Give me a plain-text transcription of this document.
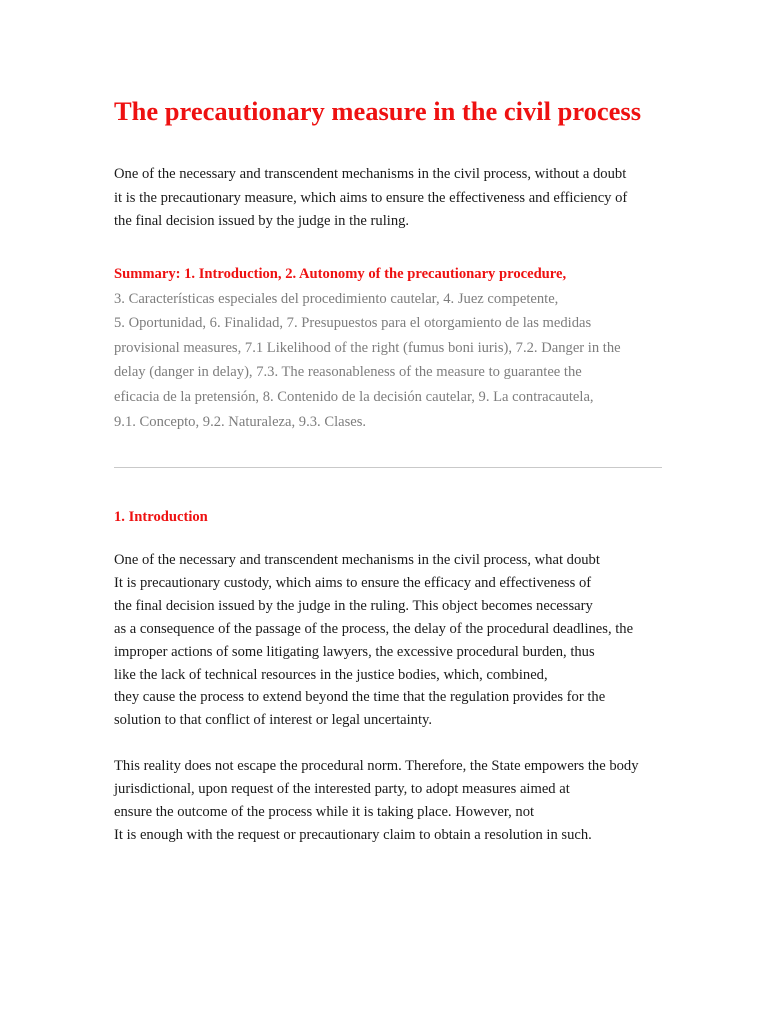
The precautionary measure in the civil process

One of the necessary and transcendent mechanisms in the civil process, without a doubt
it is the precautionary measure, which aims to ensure the effectiveness and efficiency of
the final decision issued by the judge in the ruling.

Summary: 1. Introduction, 2. Autonomy of the precautionary procedure,
3. Características especiales del procedimiento cautelar, 4. Juez competente,
5. Oportunidad, 6. Finalidad, 7. Presupuestos para el otorgamiento de las medidas
provisional measures, 7.1 Likelihood of the right (fumus boni iuris), 7.2. Danger in the
delay (danger in delay), 7.3. The reasonableness of the measure to guarantee the
eficacia de la pretensión, 8. Contenido de la decisión cautelar, 9. La contracautela,
9.1. Concepto, 9.2. Naturaleza, 9.3. Clases.

1. Introduction

One of the necessary and transcendent mechanisms in the civil process, what doubt
It is precautionary custody, which aims to ensure the efficacy and effectiveness of
the final decision issued by the judge in the ruling. This object becomes necessary
as a consequence of the passage of the process, the delay of the procedural deadlines, the
improper actions of some litigating lawyers, the excessive procedural burden, thus
like the lack of technical resources in the justice bodies, which, combined,
they cause the process to extend beyond the time that the regulation provides for the
solution to that conflict of interest or legal uncertainty.

This reality does not escape the procedural norm. Therefore, the State empowers the body
jurisdictional, upon request of the interested party, to adopt measures aimed at
ensure the outcome of the process while it is taking place. However, not
It is enough with the request or precautionary claim to obtain a resolution in such.
